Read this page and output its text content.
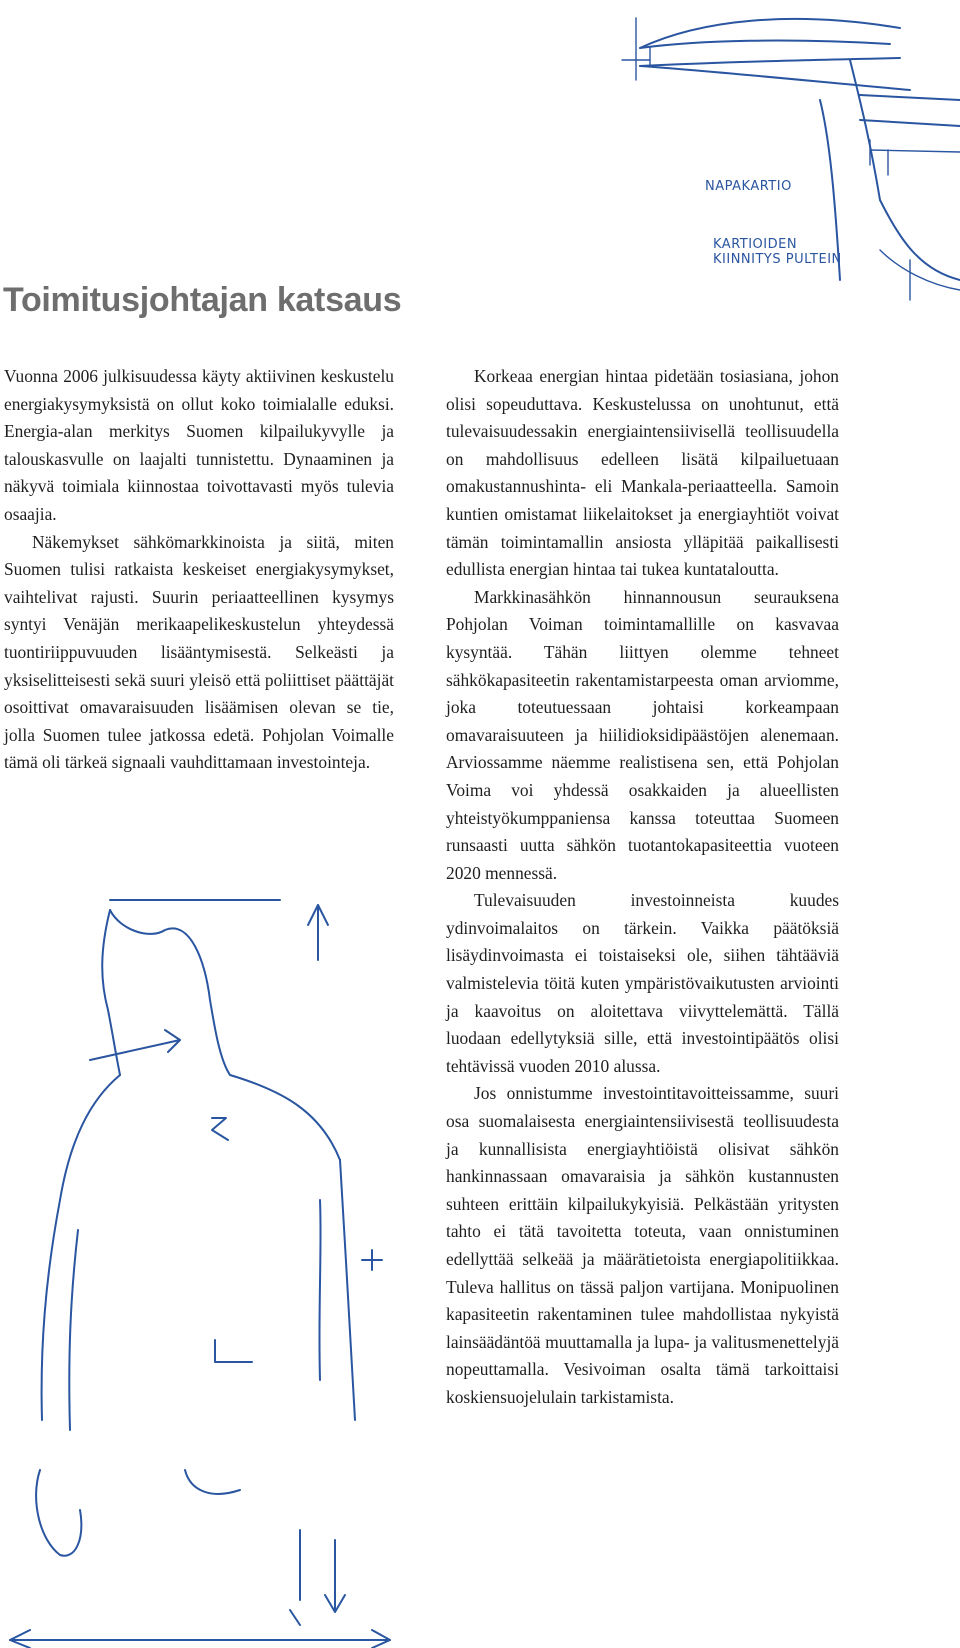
NAPAKARTIO
KARTIOIDEN
KIINNITYS PULTEIN
Toimitusjohtajan katsaus

Vuonna 2006 julkisuudessa käyty aktiivinen keskustelu energiakysymyksistä on ollut koko toimialalle eduksi. Energia-alan merkitys Suomen kilpailukyvylle ja talouskasvulle on laajalti tunnistettu. Dynaaminen ja näkyvä toimiala kiinnostaa toivottavasti myös tulevia osaajia.

Näkemykset sähkömarkkinoista ja siitä, miten Suomen tulisi ratkaista keskeiset energiakysymykset, vaihtelivat rajusti. Suurin periaatteellinen kysymys syntyi Venäjän merikaapelikeskustelun yhteydessä tuontiriippuvuuden lisääntymisestä. Selkeästi ja yksiselitteisesti sekä suuri yleisö että poliittiset päättäjät osoittivat omavaraisuuden lisäämisen olevan se tie, jolla Suomen tulee jatkossa edetä. Pohjolan Voimalle tämä oli tärkeä signaali vauhdittamaan investointeja.

Korkeaa energian hintaa pidetään tosiasiana, johon olisi sopeuduttava. Keskustelussa on unohtunut, että tulevaisuudessakin energiaintensiivisellä teollisuudella on mahdollisuus edelleen lisätä kilpailuetuaan omakustannushinta- eli Mankala-periaatteella. Samoin kuntien omistamat liikelaitokset ja energiayhtiöt voivat tämän toimintamallin ansiosta ylläpitää paikallisesti edullista energian hintaa tai tukea kuntataloutta.

Markkinasähkön hinnannousun seurauksena Pohjolan Voiman toimintamallille on kasvavaa kysyntää. Tähän liittyen olemme tehneet sähkökapasiteetin rakentamistarpeesta oman arviomme, joka toteutuessaan johtaisi korkeampaan omavaraisuuteen ja hiilidioksidipäästöjen alenemaan. Arviossamme näemme realistisena sen, että Pohjolan Voima voi yhdessä osakkaiden ja alueellisten yhteistyökumppaniensa kanssa toteuttaa Suomeen runsaasti uutta sähkön tuotantokapasiteettia vuoteen 2020 mennessä.

Tulevaisuuden investoinneista kuudes ydinvoimalaitos on tärkein. Vaikka päätöksiä lisäydinvoimasta ei toistaiseksi ole, siihen tähtääviä valmistelevia töitä kuten ympäristövaikutusten arviointi ja kaavoitus on aloitettava viivyttelemättä. Tällä luodaan edellytyksiä sille, että investointipäätös olisi tehtävissä vuoden 2010 alussa.

Jos onnistumme investointitavoitteissamme, suuri osa suomalaisesta energiaintensiivisestä teollisuudesta ja kunnallisista energiayhtiöistä olisivat sähkön hankinnassaan omavaraisia ja sähkön kustannusten suhteen erittäin kilpailukykyisiä. Pelkästään yritysten tahto ei tätä tavoitetta toteuta, vaan onnistuminen edellyttää selkeää ja määrätietoista energiapolitiikkaa. Tuleva hallitus on tässä paljon vartijana. Monipuolinen kapasiteetin rakentaminen tulee mahdollistaa nykyistä lainsäädäntöä muuttamalla ja lupa- ja valitusmenettelyjä nopeuttamalla. Vesivoiman osalta tämä tarkoittaisi koskiensuojelulain tarkistamista.
